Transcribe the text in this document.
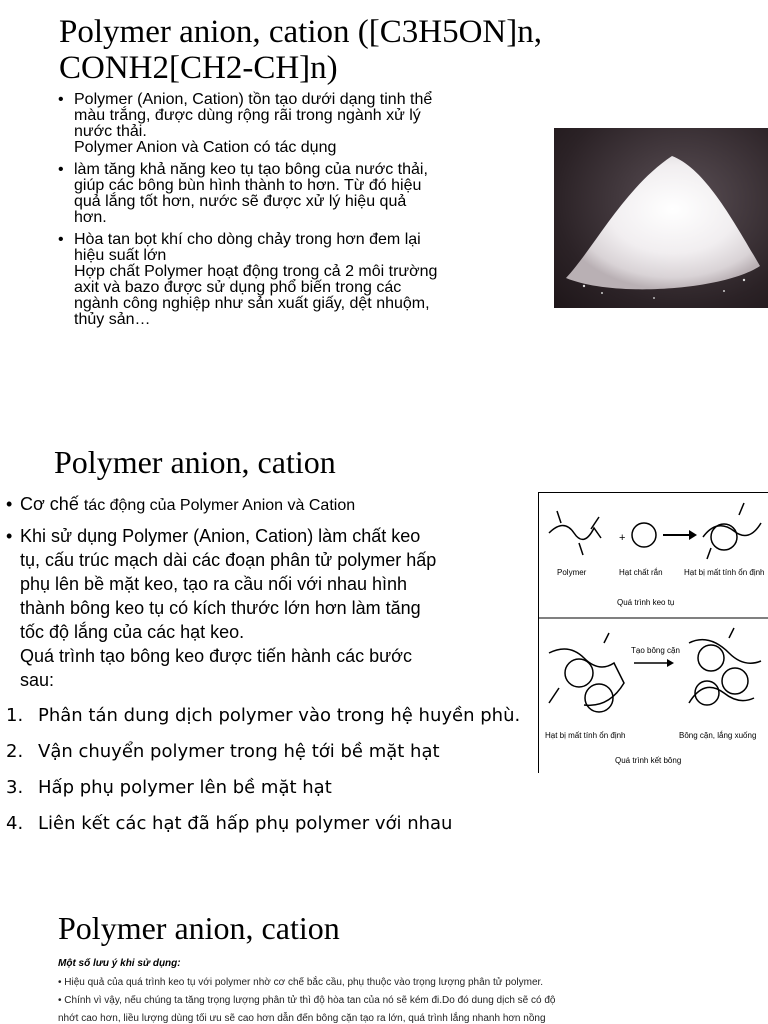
Polymer anion, cation ([C3H5ON]n, CONH2[CH2-CH]n)
• Polymer (Anion, Cation) tồn tạo dưới dạng tinh thể
màu trắng, được dùng rộng rãi trong ngành xử lý
nước thải.
Polymer Anion và Cation có tác dụng
• làm tăng khả năng keo tụ tạo bông của nước thải,
giúp các bông bùn hình thành to hơn. Từ đó hiệu
quả lắng tốt hơn, nước sẽ được xử lý hiệu quả
hơn.
• Hòa tan bọt khí cho dòng chảy trong hơn đem lại
hiệu suất lớn
Hợp chất Polymer hoạt động trong cả 2 môi trường
axit và bazo được sử dụng phổ biến trong các
ngành công nghiệp như sản xuất giấy, dệt nhuộm,
thủy sản…
Polymer anion, cation

• Cơ chế tác động của Polymer Anion và Cation

• Khi sử dụng Polymer (Anion, Cation) làm chất keo
tụ, cấu trúc mạch dài các đoạn phân tử polymer hấp
phụ lên bề mặt keo, tạo ra cầu nối với nhau hình
thành bông keo tụ có kích thước lớn hơn làm tăng
tốc độ lắng của các hạt keo.
Quá trình tạo bông keo được tiến hành các bước
sau:

1. Phân tán dung dịch polymer vào trong hệ huyền phù.
2. Vận chuyển polymer trong hệ tới bề mặt hạt
3. Hấp phụ polymer lên bề mặt hạt
4. Liên kết các hạt đã hấp phụ polymer với nhau
+
Polymer	Hạt chất rắn	Hạt bị mất tính ổn định
Quá trình keo tụ
Tạo bông cặn
Hạt bị mất tính ổn định	Bông cặn, lắng xuống
Quá trình kết bông
Polymer anion, cation
Một số lưu ý khi sử dụng:
• Hiệu quả của quá trình keo tụ với polymer nhờ cơ chế bắc cầu, phụ thuộc vào trọng lượng phân tử polymer.
• Chính vì vậy, nếu chúng ta tăng trọng lượng phân tử thì độ hòa tan của nó sẽ kém đi.Do đó dung dịch sẽ có độ
nhớt cao hơn, liều lượng dùng tối ưu sẽ cao hơn dẫn đến bông cặn tạo ra lớn, quá trình lắng nhanh hơn nồng
